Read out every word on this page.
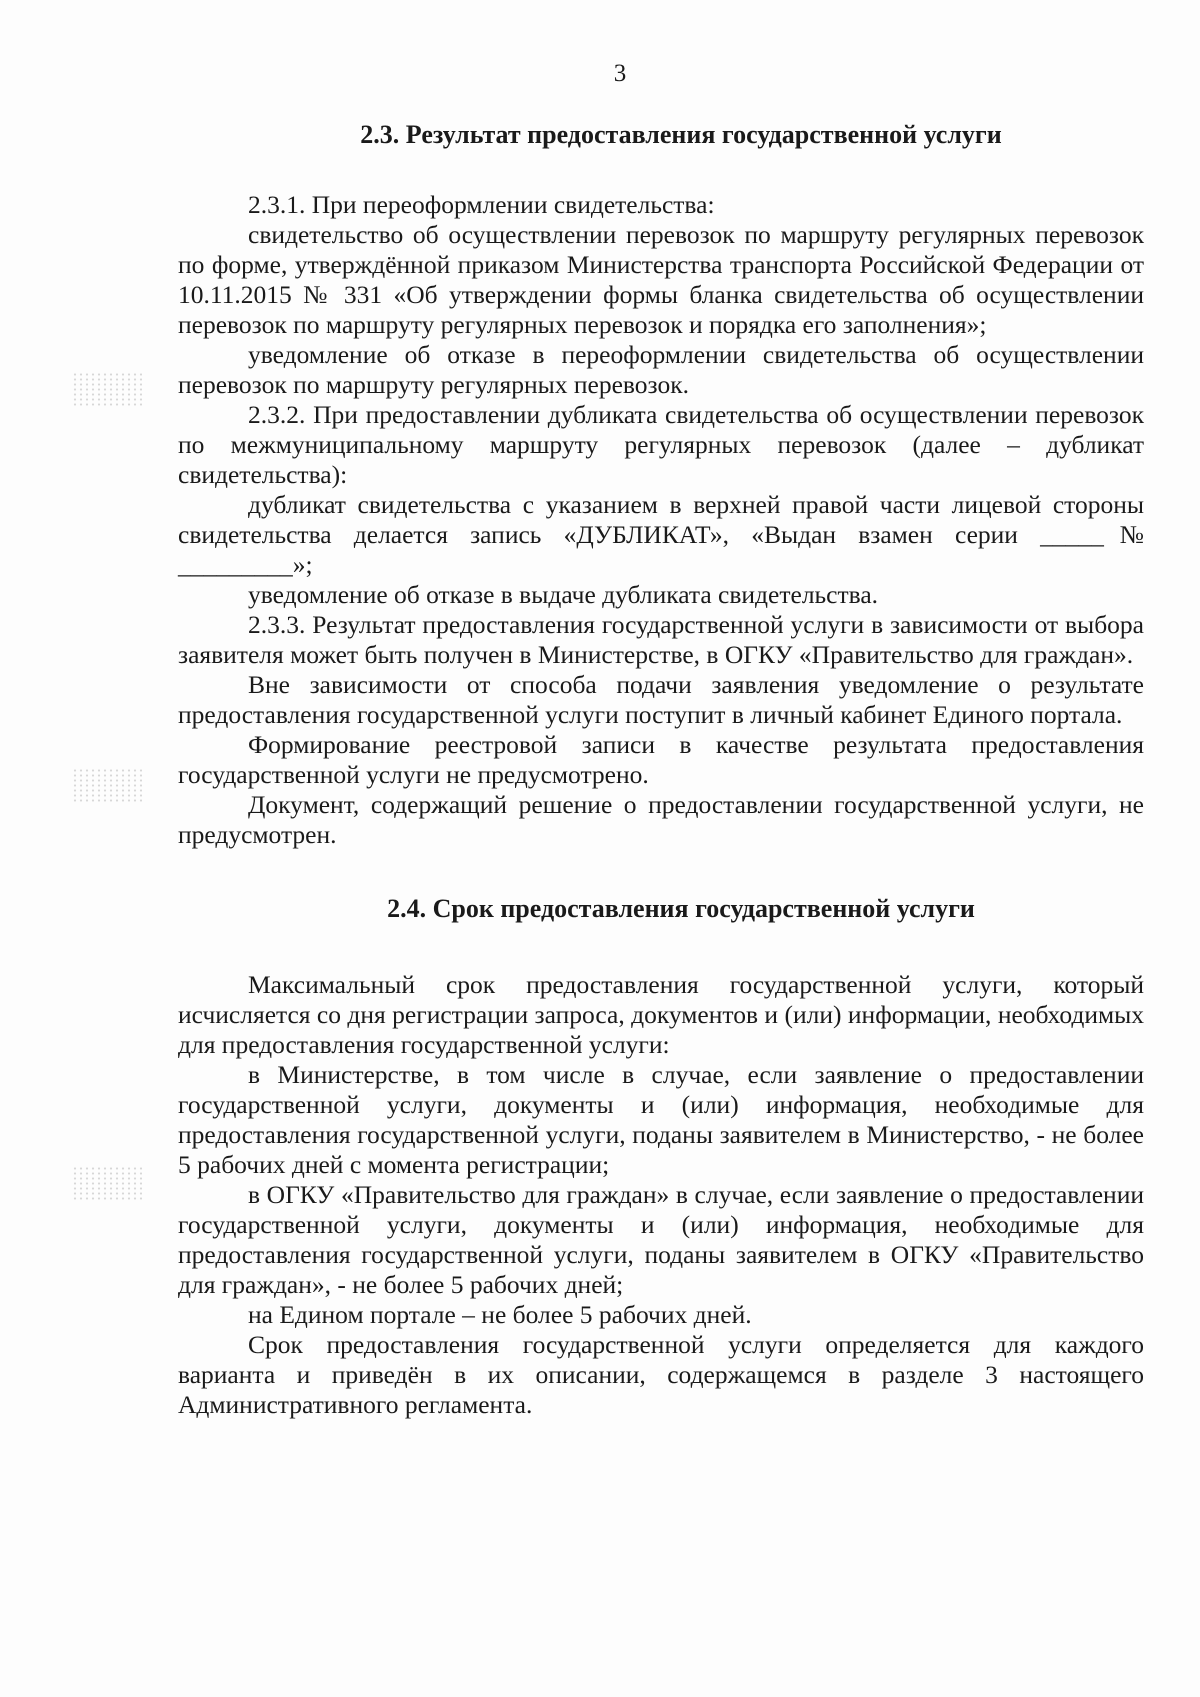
3
2.3. Результат предоставления государственной услуги

2.3.1. При переоформлении свидетельства:

свидетельство об осуществлении перевозок по маршруту регулярных перевозок по форме, утверждённой приказом Министерства транспорта Российской Федерации от 10.11.2015 № 331 «Об утверждении формы бланка свидетельства об осуществлении перевозок по маршруту регулярных перевозок и порядка его заполнения»;

уведомление об отказе в переоформлении свидетельства об осуществлении перевозок по маршруту регулярных перевозок.

2.3.2. При предоставлении дубликата свидетельства об осуществлении перевозок по межмуниципальному маршруту регулярных перевозок (далее – дубликат свидетельства):

дубликат свидетельства с указанием в верхней правой части лицевой стороны свидетельства делается запись «ДУБЛИКАТ», «Выдан взамен серии _____№ _________»;

уведомление об отказе в выдаче дубликата свидетельства.

2.3.3. Результат предоставления государственной услуги в зависимости от выбора заявителя может быть получен в Министерстве, в ОГКУ «Правительство для граждан».

Вне зависимости от способа подачи заявления уведомление о результате предоставления государственной услуги поступит в личный кабинет Единого портала.

Формирование реестровой записи в качестве результата предоставления государственной услуги не предусмотрено.

Документ, содержащий решение о предоставлении государственной услуги, не предусмотрен.

2.4. Срок предоставления государственной услуги

Максимальный срок предоставления государственной услуги, который исчисляется со дня регистрации запроса, документов и (или) информации, необходимых для предоставления государственной услуги:

в Министерстве, в том числе в случае, если заявление о предоставлении государственной услуги, документы и (или) информация, необходимые для предоставления государственной услуги, поданы заявителем в Министерство, - не более 5 рабочих дней с момента регистрации;

в ОГКУ «Правительство для граждан» в случае, если заявление о предоставлении государственной услуги, документы и (или) информация, необходимые для предоставления государственной услуги, поданы заявителем в ОГКУ «Правительство для граждан», - не более 5 рабочих дней;

на Едином портале – не более 5 рабочих дней.

Срок предоставления государственной услуги определяется для каждого варианта и приведён в их описании, содержащемся в разделе 3 настоящего Административного регламента.
